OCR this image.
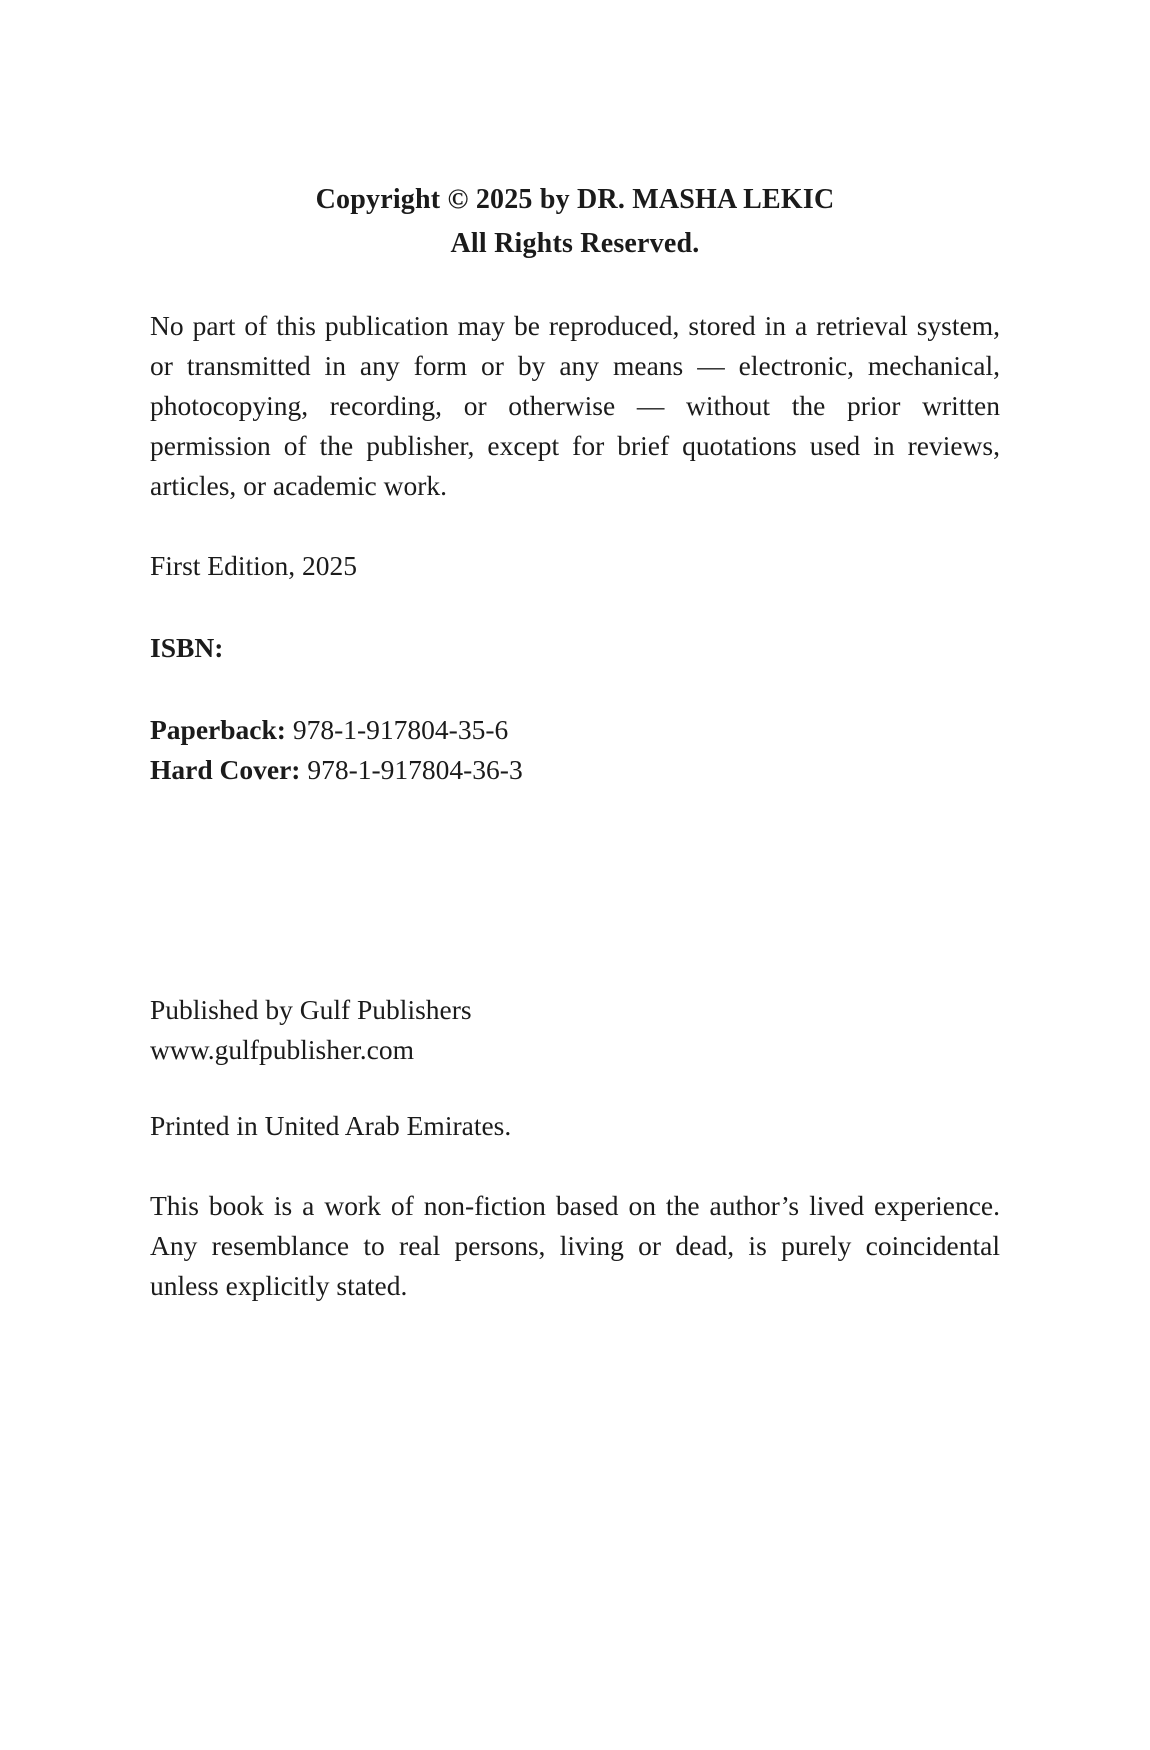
Copyright © 2025 by DR. MASHA LEKIC

All Rights Reserved.

No part of this publication may be reproduced, stored in a retrieval system, or transmitted in any form or by any means — electronic, mechanical, photocopying, recording, or otherwise — without the prior written permission of the publisher, except for brief quotations used in reviews, articles, or academic work.

First Edition, 2025

ISBN:

Paperback: 978-1-917804-35-6

Hard Cover: 978-1-917804-36-3

Published by Gulf Publishers

www.gulfpublisher.com

Printed in United Arab Emirates.

This book is a work of non-fiction based on the author’s lived experience. Any resemblance to real persons, living or dead, is purely coincidental unless explicitly stated.
